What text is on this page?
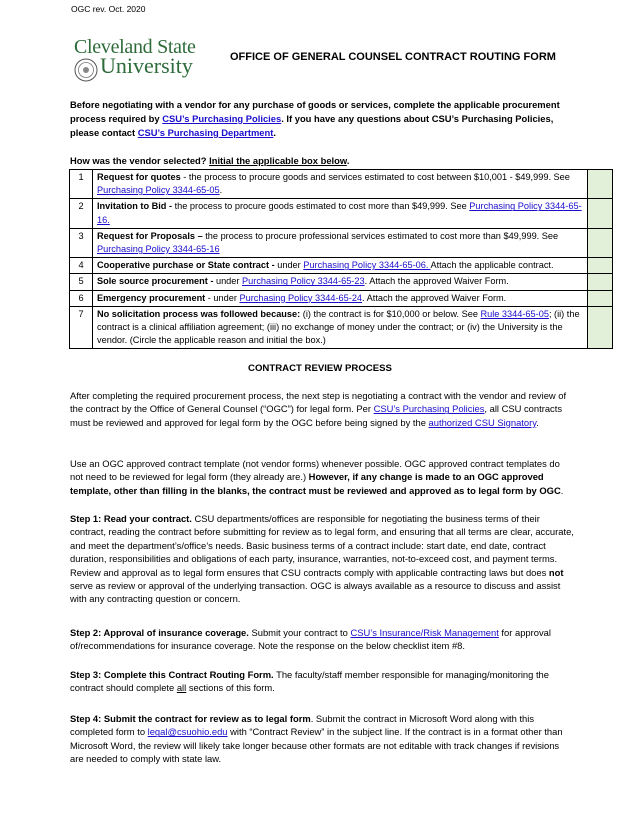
OGC rev. Oct. 2020
Cleveland State
University	OFFICE OF GENERAL COUNSEL CONTRACT ROUTING FORM
Before negotiating with a vendor for any purchase of goods or services, complete the applicable procurement process required by CSU’s Purchasing Policies. If you have any questions about CSU’s Purchasing Policies, please contact CSU’s Purchasing Department.
How was the vendor selected? Initial the applicable box below.
1	Request for quotes - the process to procure goods and services estimated to cost between $10,001 - $49,999. See Purchasing Policy 3344-65-05.	
2	Invitation to Bid - the process to procure goods estimated to cost more than $49,999. See Purchasing Policy 3344-65-16.	
3	Request for Proposals – the process to procure professional services estimated to cost more than $49,999. See Purchasing Policy 3344-65-16	
4	Cooperative purchase or State contract - under Purchasing Policy 3344-65-06. Attach the applicable contract.	
5	Sole source procurement - under Purchasing Policy 3344-65-23. Attach the approved Waiver Form.	
6	Emergency procurement - under Purchasing Policy 3344-65-24. Attach the approved Waiver Form.	
7	No solicitation process was followed because: (i) the contract is for $10,000 or below. See Rule 3344-65-05; (ii) the contract is a clinical affiliation agreement; (iii) no exchange of money under the contract; or (iv) the University is the vendor. (Circle the applicable reason and initial the box.)	
CONTRACT REVIEW PROCESS
After completing the required procurement process, the next step is negotiating a contract with the vendor and review of the contract by the Office of General Counsel (“OGC”) for legal form. Per CSU’s Purchasing Policies, all CSU contracts must be reviewed and approved for legal form by the OGC before being signed by the authorized CSU Signatory.
Use an OGC approved contract template (not vendor forms) whenever possible. OGC approved contract templates do not need to be reviewed for legal form (they already are.) However, if any change is made to an OGC approved template, other than filling in the blanks, the contract must be reviewed and approved as to legal form by OGC.
Step 1: Read your contract. CSU departments/offices are responsible for negotiating the business terms of their contract, reading the contract before submitting for review as to legal form, and ensuring that all terms are clear, accurate, and meet the department’s/office’s needs. Basic business terms of a contract include: start date, end date, contract duration, responsibilities and obligations of each party, insurance, warranties, not-to-exceed cost, and payment terms. Review and approval as to legal form ensures that CSU contracts comply with applicable contracting laws but does not serve as review or approval of the underlying transaction. OGC is always available as a resource to discuss and assist with any contracting question or concern.
Step 2: Approval of insurance coverage. Submit your contract to CSU’s Insurance/Risk Management for approval of/recommendations for insurance coverage. Note the response on the below checklist item #8.
Step 3: Complete this Contract Routing Form. The faculty/staff member responsible for managing/monitoring the contract should complete all sections of this form.
Step 4: Submit the contract for review as to legal form. Submit the contract in Microsoft Word along with this completed form to legal@csuohio.edu with “Contract Review” in the subject line. If the contract is in a format other than Microsoft Word, the review will likely take longer because other formats are not editable with track changes if revisions are needed to comply with state law.
